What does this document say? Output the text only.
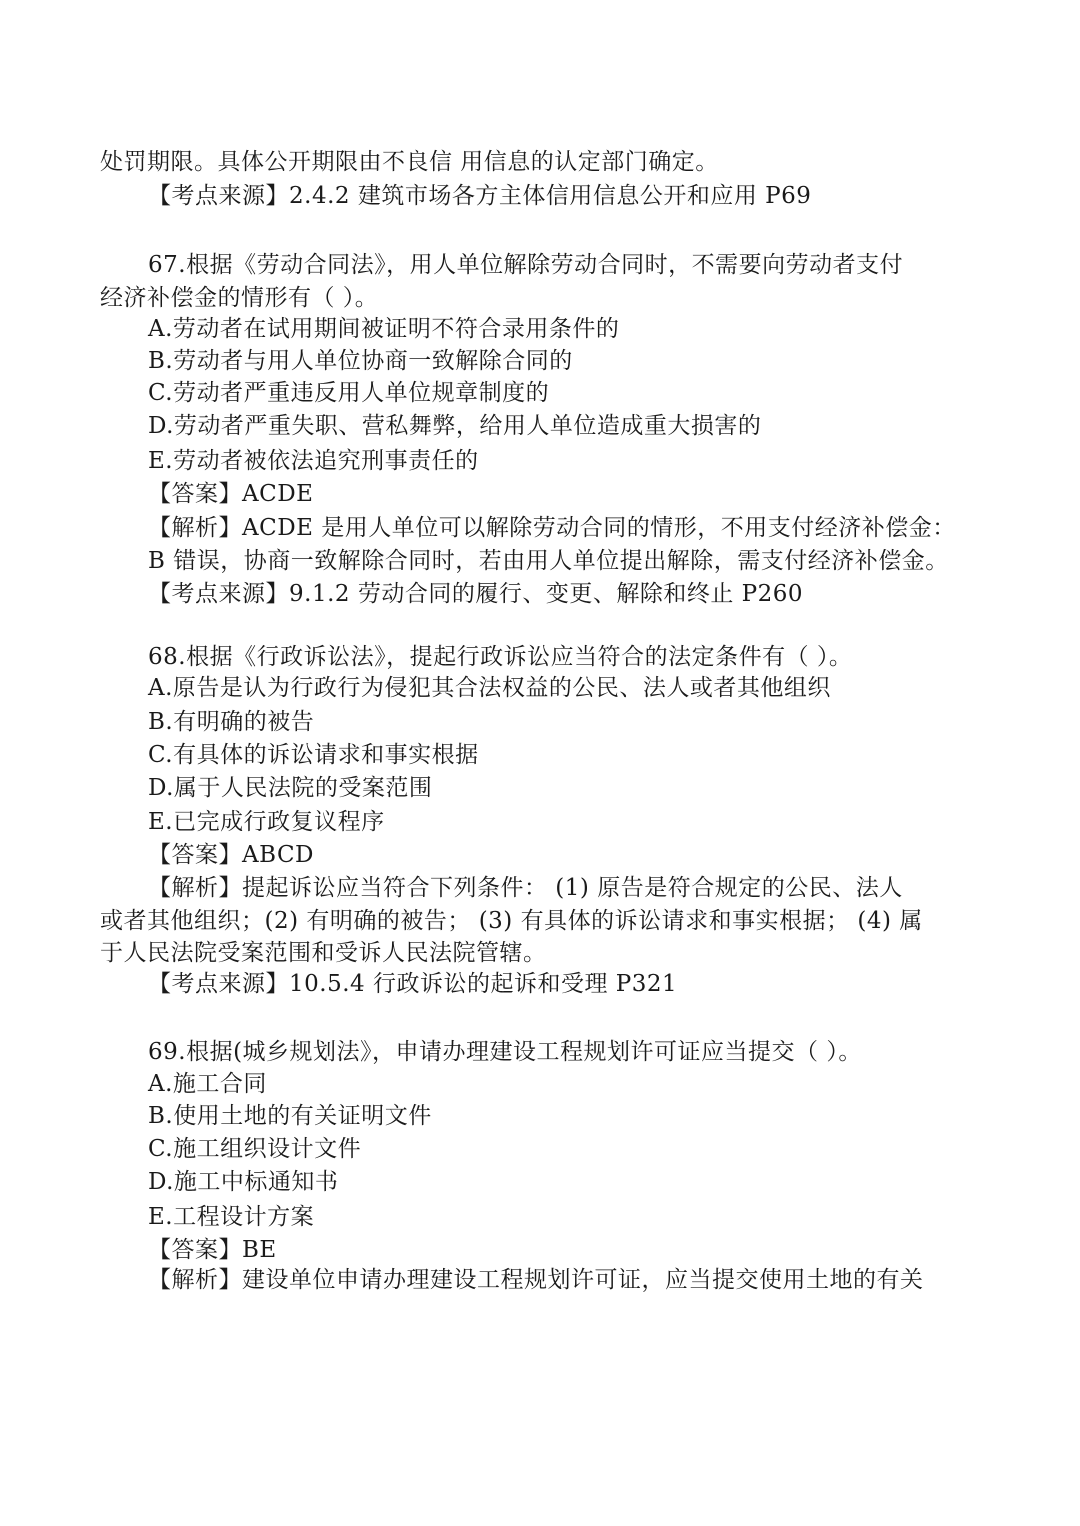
处罚期限。具体公开期限由不良信 用信息的认定部门确定。
【考点来源】2.4.2 建筑市场各方主体信用信息公开和应用 P69
67.根据《劳动合同法》，用人单位解除劳动合同时，不需要向劳动者支付
经济补偿金的情形有（ ）。
A.劳动者在试用期间被证明不符合录用条件的
B.劳动者与用人单位协商一致解除合同的
C.劳动者严重违反用人单位规章制度的
D.劳动者严重失职、营私舞弊，给用人单位造成重大损害的
E.劳动者被依法追究刑事责任的
【答案】ACDE
【解析】ACDE 是用人单位可以解除劳动合同的情形，不用支付经济补偿金：
B 错误，协商一致解除合同时，若由用人单位提出解除，需支付经济补偿金。
【考点来源】9.1.2 劳动合同的履行、变更、解除和终止 P260
68.根据《行政诉讼法》，提起行政诉讼应当符合的法定条件有（ ）。
A.原告是认为行政行为侵犯其合法权益的公民、法人或者其他组织
B.有明确的被告
C.有具体的诉讼请求和事实根据
D.属于人民法院的受案范围
E.已完成行政复议程序
【答案】ABCD
【解析】提起诉讼应当符合下列条件： (1) 原告是符合规定的公民、法人
或者其他组织；(2) 有明确的被告； (3) 有具体的诉讼请求和事实根据； (4) 属
于人民法院受案范围和受诉人民法院管辖。
【考点来源】10.5.4 行政诉讼的起诉和受理 P321
69.根据(城乡规划法》，申请办理建设工程规划许可证应当提交（ ）。
A.施工合同
B.使用土地的有关证明文件
C.施工组织设计文件
D.施工中标通知书
E.工程设计方案
【答案】BE
【解析】建设单位申请办理建设工程规划许可证，应当提交使用土地的有关
